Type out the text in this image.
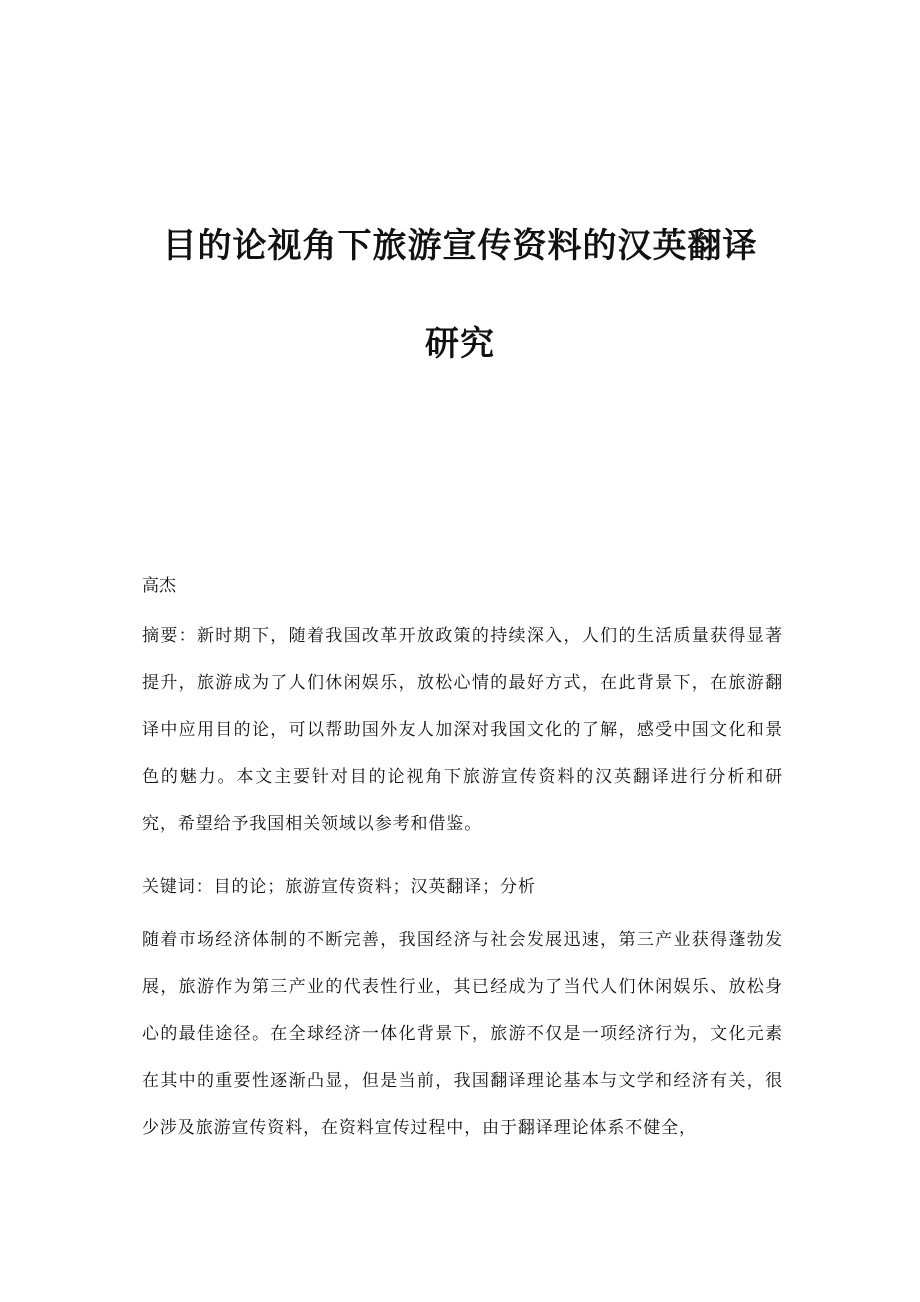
目的论视角下旅游宣传资料的汉英翻译
研究
高杰
摘要：新时期下，随着我国改革开放政策的持续深入，人们的生活质量获得显著提升，旅游成为了人们休闲娱乐，放松心情的最好方式，在此背景下，在旅游翻译中应用目的论，可以帮助国外友人加深对我国文化的了解，感受中国文化和景色的魅力。本文主要针对目的论视角下旅游宣传资料的汉英翻译进行分析和研究，希望给予我国相关领域以参考和借鉴。
关键词：目的论；旅游宣传资料；汉英翻译；分析
随着市场经济体制的不断完善，我国经济与社会发展迅速，第三产业获得蓬勃发展，旅游作为第三产业的代表性行业，其已经成为了当代人们休闲娱乐、放松身心的最佳途径。在全球经济一体化背景下，旅游不仅是一项经济行为，文化元素在其中的重要性逐渐凸显，但是当前，我国翻译理论基本与文学和经济有关，很少涉及旅游宣传资料，在资料宣传过程中，由于翻译理论体系不健全，
